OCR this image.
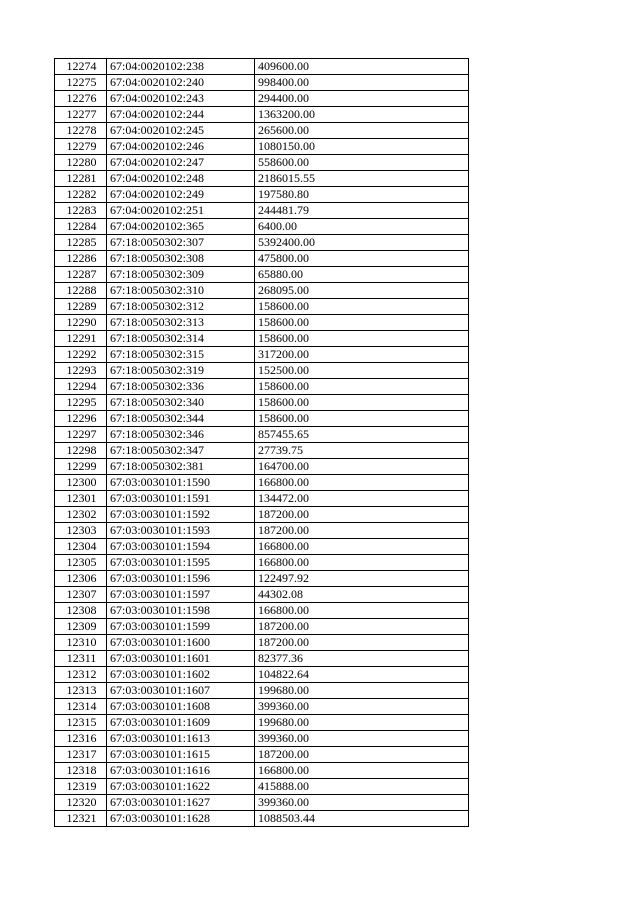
12274	67:04:0020102:238	409600.00
12275	67:04:0020102:240	998400.00
12276	67:04:0020102:243	294400.00
12277	67:04:0020102:244	1363200.00
12278	67:04:0020102:245	265600.00
12279	67:04:0020102:246	1080150.00
12280	67:04:0020102:247	558600.00
12281	67:04:0020102:248	2186015.55
12282	67:04:0020102:249	197580.80
12283	67:04:0020102:251	244481.79
12284	67:04:0020102:365	6400.00
12285	67:18:0050302:307	5392400.00
12286	67:18:0050302:308	475800.00
12287	67:18:0050302:309	65880.00
12288	67:18:0050302:310	268095.00
12289	67:18:0050302:312	158600.00
12290	67:18:0050302:313	158600.00
12291	67:18:0050302:314	158600.00
12292	67:18:0050302:315	317200.00
12293	67:18:0050302:319	152500.00
12294	67:18:0050302:336	158600.00
12295	67:18:0050302:340	158600.00
12296	67:18:0050302:344	158600.00
12297	67:18:0050302:346	857455.65
12298	67:18:0050302:347	27739.75
12299	67:18:0050302:381	164700.00
12300	67:03:0030101:1590	166800.00
12301	67:03:0030101:1591	134472.00
12302	67:03:0030101:1592	187200.00
12303	67:03:0030101:1593	187200.00
12304	67:03:0030101:1594	166800.00
12305	67:03:0030101:1595	166800.00
12306	67:03:0030101:1596	122497.92
12307	67:03:0030101:1597	44302.08
12308	67:03:0030101:1598	166800.00
12309	67:03:0030101:1599	187200.00
12310	67:03:0030101:1600	187200.00
12311	67:03:0030101:1601	82377.36
12312	67:03:0030101:1602	104822.64
12313	67:03:0030101:1607	199680.00
12314	67:03:0030101:1608	399360.00
12315	67:03:0030101:1609	199680.00
12316	67:03:0030101:1613	399360.00
12317	67:03:0030101:1615	187200.00
12318	67:03:0030101:1616	166800.00
12319	67:03:0030101:1622	415888.00
12320	67:03:0030101:1627	399360.00
12321	67:03:0030101:1628	1088503.44
